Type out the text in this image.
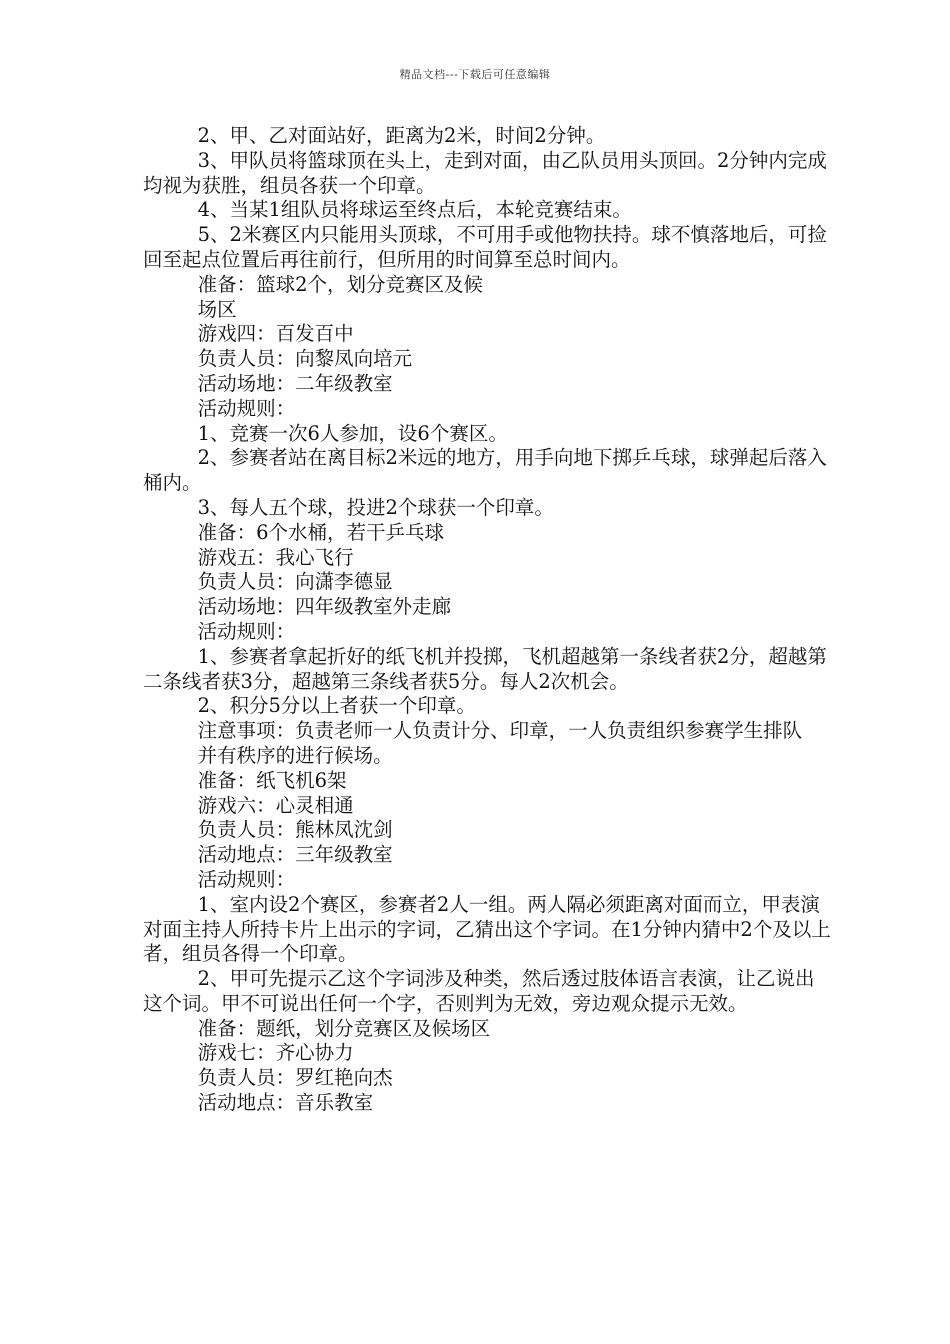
精品文档---下载后可任意编辑

2、甲、乙对面站好，距离为2米，时间2分钟。

3、甲队员将篮球顶在头上，走到对面，由乙队员用头顶回。2分钟内完成均视为获胜，组员各获一个印章。

4、当某1组队员将球运至终点后，本轮竞赛结束。

5、2米赛区内只能用头顶球，不可用手或他物扶持。球不慎落地后，可捡回至起点位置后再往前行，但所用的时间算至总时间内。

准备：篮球2个，划分竞赛区及候

场区

游戏四：百发百中

负责人员：向黎凤向培元

活动场地：二年级教室

活动规则：

1、竞赛一次6人参加，设6个赛区。

2、参赛者站在离目标2米远的地方，用手向地下掷乒乓球，球弹起后落入桶内。

3、每人五个球，投进2个球获一个印章。

准备：6个水桶，若干乒乓球

游戏五：我心飞行

负责人员：向潇李德显

活动场地：四年级教室外走廊

活动规则：

1、参赛者拿起折好的纸飞机并投掷，飞机超越第一条线者获2分，超越第二条线者获3分，超越第三条线者获5分。每人2次机会。

2、积分5分以上者获一个印章。

注意事项：负责老师一人负责计分、印章，一人负责组织参赛学生排队

并有秩序的进行候场。

准备：纸飞机6架

游戏六：心灵相通

负责人员：熊林凤沈剑

活动地点：三年级教室

活动规则：

1、室内设2个赛区，参赛者2人一组。两人隔必须距离对面而立，甲表演对面主持人所持卡片上出示的字词，乙猜出这个字词。在1分钟内猜中2个及以上者，组员各得一个印章。

2、甲可先提示乙这个字词涉及种类，然后透过肢体语言表演，让乙说出这个词。甲不可说出任何一个字，否则判为无效，旁边观众提示无效。

准备：题纸，划分竞赛区及候场区

游戏七：齐心协力

负责人员：罗红艳向杰

活动地点：音乐教室
